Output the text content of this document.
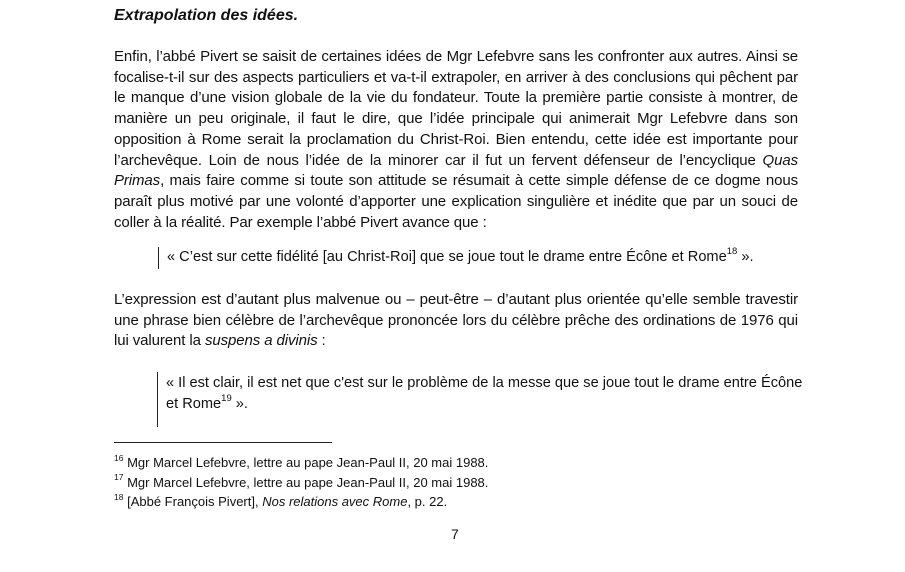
Extrapolation des idées.

Enfin, l’abbé Pivert se saisit de certaines idées de Mgr Lefebvre sans les confronter aux autres. Ainsi se focalise-t-il sur des aspects particuliers et va-t-il extrapoler, en arriver à des conclusions qui pêchent par le manque d’une vision globale de la vie du fondateur. Toute la première partie consiste à montrer, de manière un peu originale, il faut le dire, que l’idée principale qui animerait Mgr Lefebvre dans son opposition à Rome serait la proclamation du Christ-Roi. Bien entendu, cette idée est importante pour l’archevêque. Loin de nous l’idée de la minorer car il fut un fervent défenseur de l’encyclique Quas Primas, mais faire comme si toute son attitude se résumait à cette simple défense de ce dogme nous paraît plus motivé par une volonté d’apporter une explication singulière et inédite que par un souci de coller à la réalité. Par exemple l’abbé Pivert avance que :

« C’est sur cette fidélité [au Christ-Roi] que se joue tout le drame entre Écône et Rome$^{18}$ ».

L’expression est d’autant plus malvenue ou – peut-être – d’autant plus orientée qu’elle semble travestir une phrase bien célèbre de l’archevêque prononcée lors du célèbre prêche des ordinations de 1976 qui lui valurent la suspens a divinis :

« Il est clair, il est net que c'est sur le problème de la messe que se joue tout le drame entre Écône et Rome$^{19}$ ».
$^{16}$ Mgr Marcel Lefebvre, lettre au pape Jean-Paul II, 20 mai 1988.
$^{17}$ Mgr Marcel Lefebvre, lettre au pape Jean-Paul II, 20 mai 1988.
$^{18}$ [Abbé François Pivert], Nos relations avec Rome, p. 22.
7
